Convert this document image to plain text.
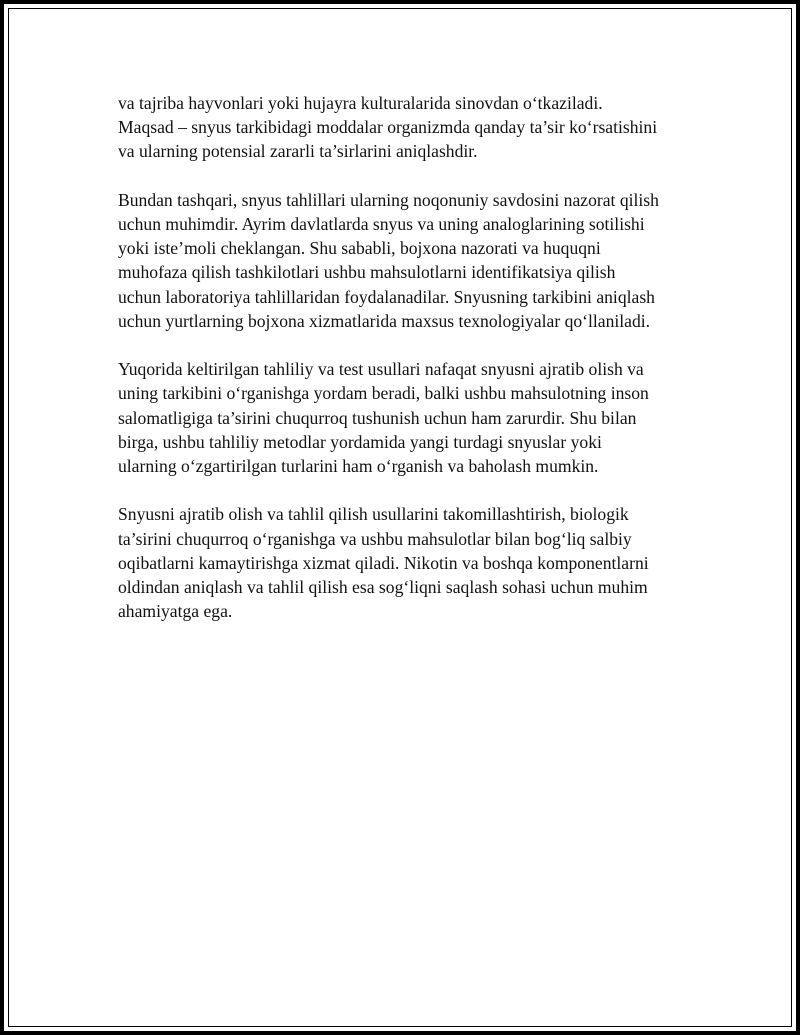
va tajriba hayvonlari yoki hujayra kulturalarida sinovdan o‘tkaziladi.
Maqsad – snyus tarkibidagi moddalar organizmda qanday ta’sir ko‘rsatishini
va ularning potensial zararli ta’sirlarini aniqlashdir.

Bundan tashqari, snyus tahlillari ularning noqonuniy savdosini nazorat qilish
uchun muhimdir. Ayrim davlatlarda snyus va uning analoglarining sotilishi
yoki iste’moli cheklangan. Shu sababli, bojxona nazorati va huquqni
muhofaza qilish tashkilotlari ushbu mahsulotlarni identifikatsiya qilish
uchun laboratoriya tahlillaridan foydalanadilar. Snyusning tarkibini aniqlash
uchun yurtlarning bojxona xizmatlarida maxsus texnologiyalar qo‘llaniladi.

Yuqorida keltirilgan tahliliy va test usullari nafaqat snyusni ajratib olish va
uning tarkibini o‘rganishga yordam beradi, balki ushbu mahsulotning inson
salomatligiga ta’sirini chuqurroq tushunish uchun ham zarurdir. Shu bilan
birga, ushbu tahliliy metodlar yordamida yangi turdagi snyuslar yoki
ularning o‘zgartirilgan turlarini ham o‘rganish va baholash mumkin.

Snyusni ajratib olish va tahlil qilish usullarini takomillashtirish, biologik
ta’sirini chuqurroq o‘rganishga va ushbu mahsulotlar bilan bog‘liq salbiy
oqibatlarni kamaytirishga xizmat qiladi. Nikotin va boshqa komponentlarni
oldindan aniqlash va tahlil qilish esa sog‘liqni saqlash sohasi uchun muhim
ahamiyatga ega.
